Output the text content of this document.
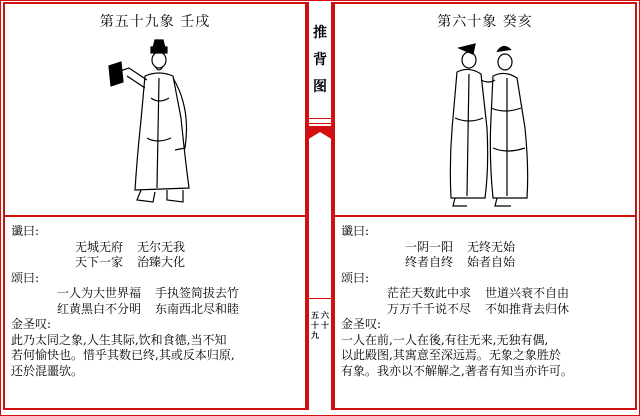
第五十九象 壬戌
谶曰:
无城无府 无尔无我
天下一家 治臻大化
颂曰:
一人为大世界福 手执签简拔去竹
红黄黑白不分明 东南西北尽和睦
金圣叹:
此乃太同之象,人生其际,饮和食德,当不知
若何愉快也。惜乎其数已终,其或反本归原,
还於混噩欤。
推
背
图
六
十
五
十
九
第六十象 癸亥
谶曰:
一阴一阳 无终无始
终者自终 始者自始
颂曰:
茫茫天数此中求 世道兴衰不自由
万万千千说不尽 不如推背去归休
金圣叹:
一人在前,一人在後,有往无来,无独有偶,
以此殿图,其寓意至深远焉。无象之象胜於
有象。我亦以不解解之,著者有知当亦许可。
